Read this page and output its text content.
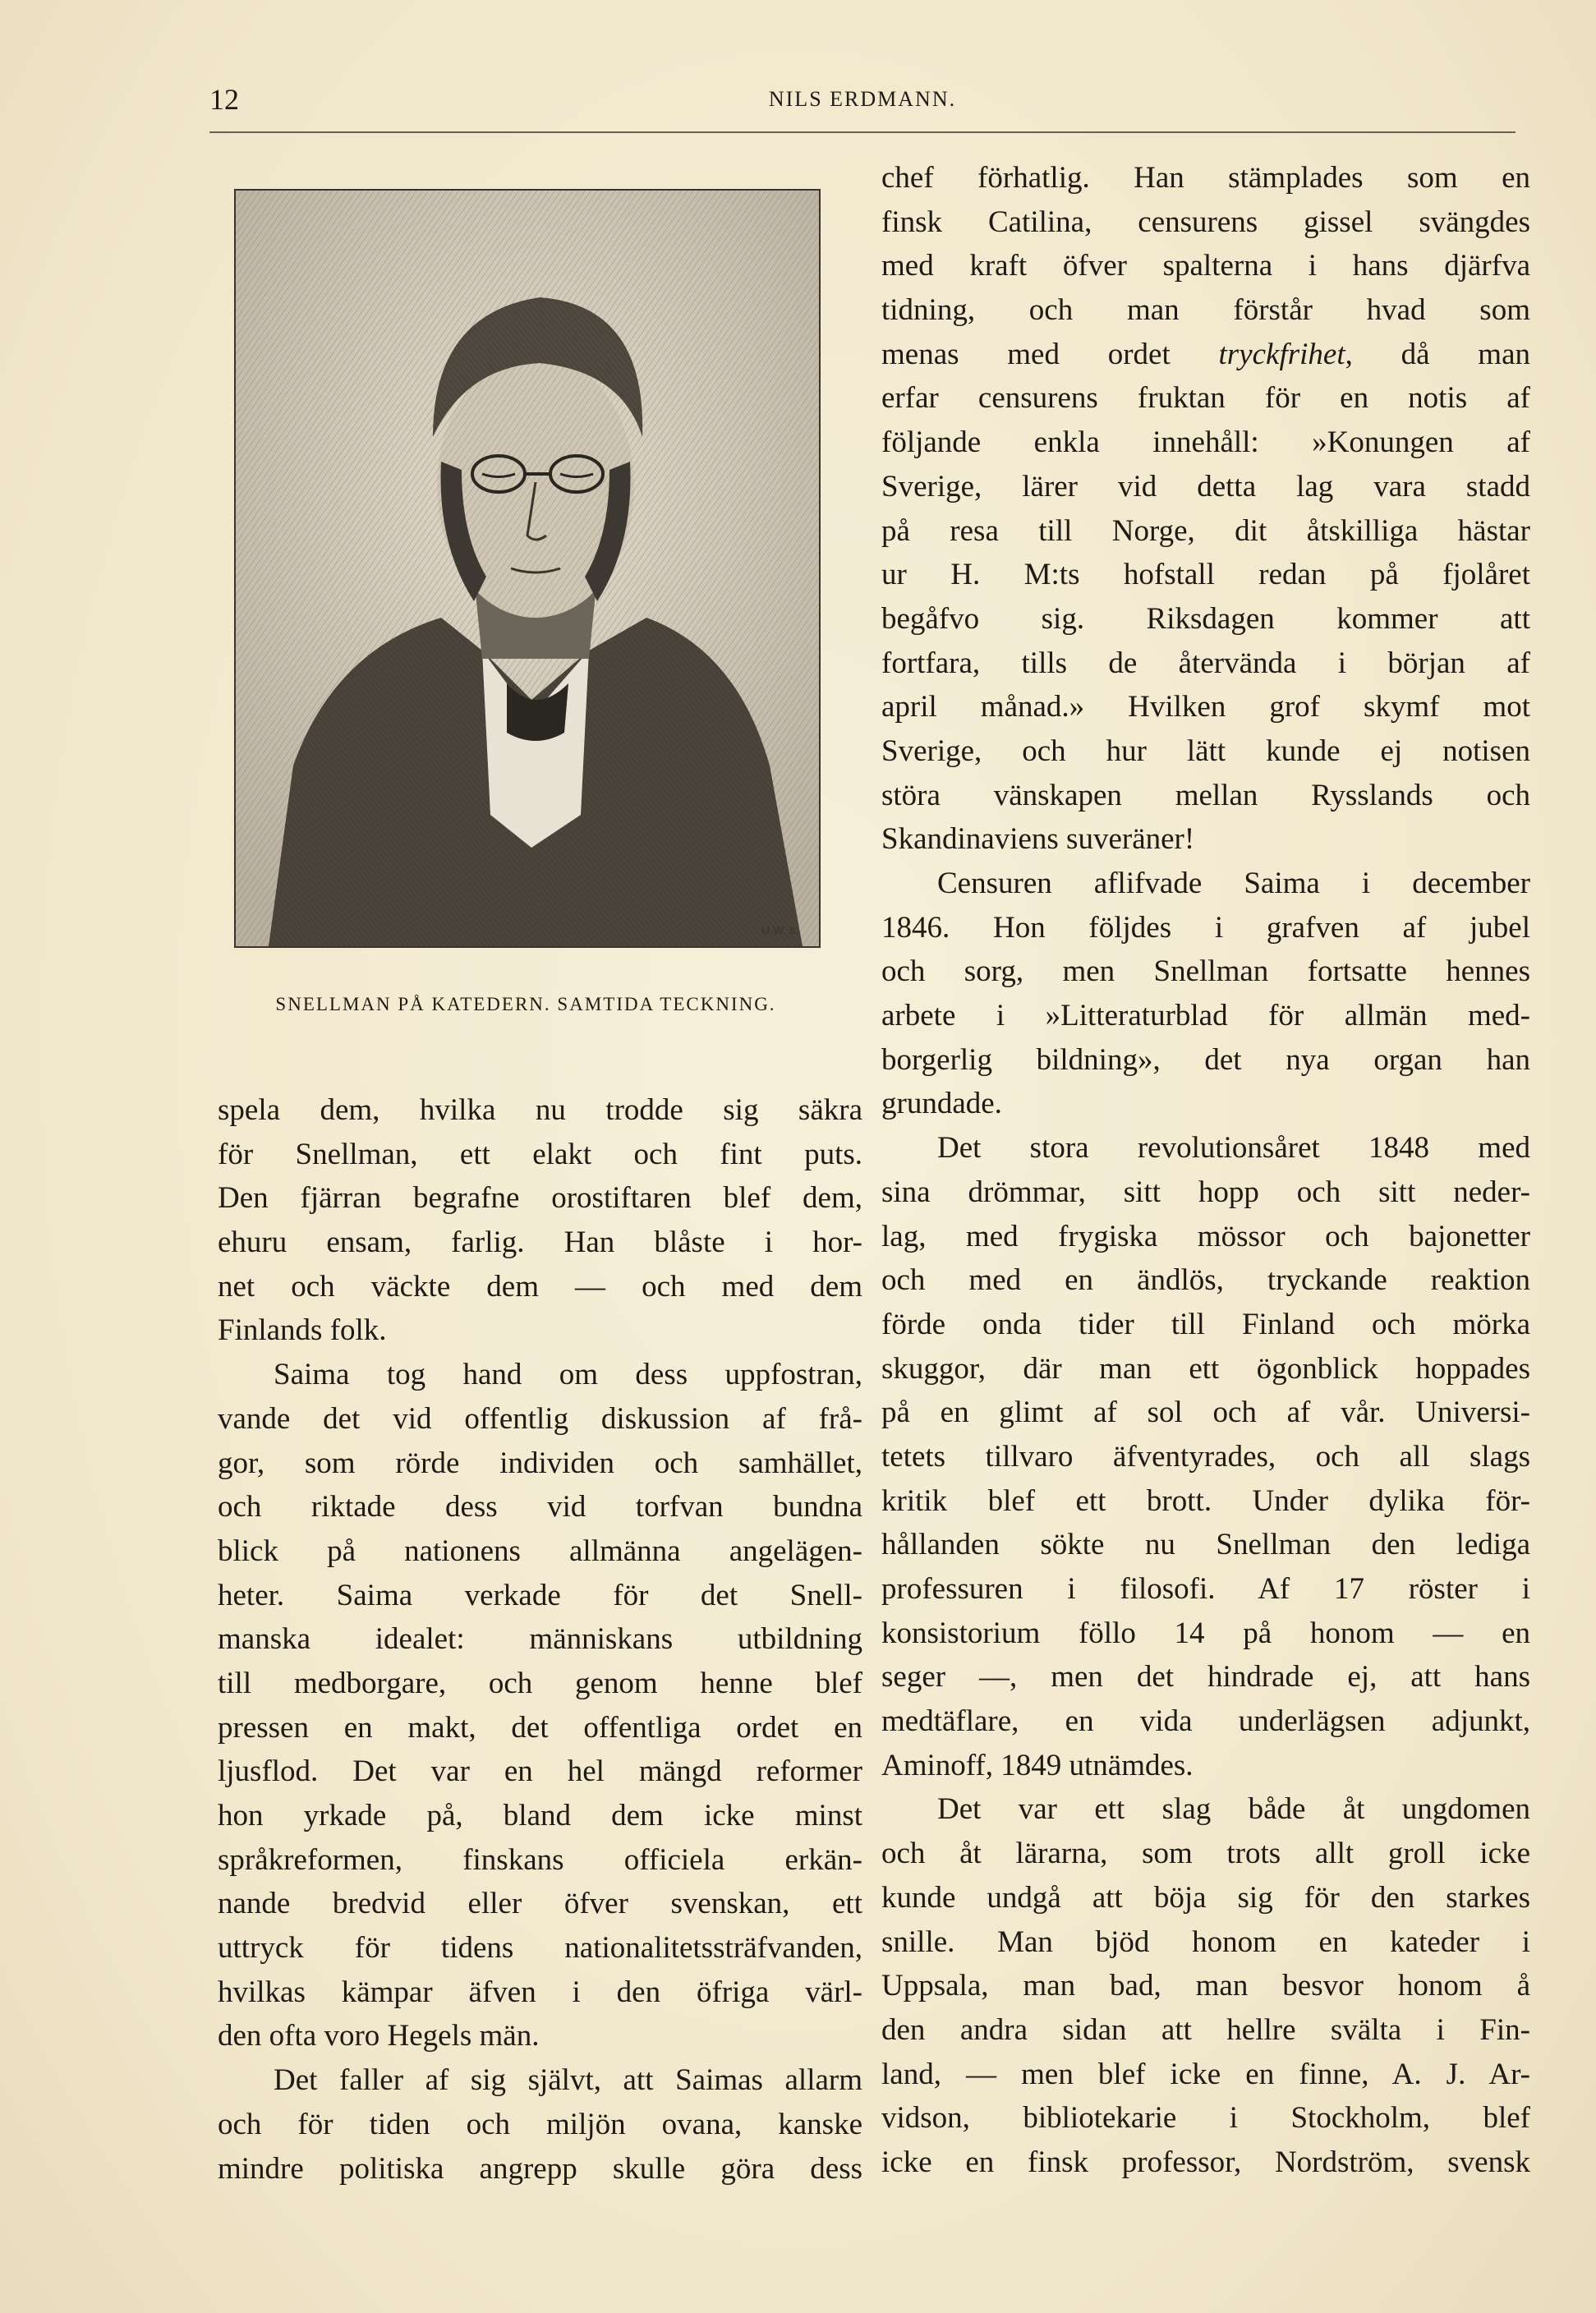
12	NILS ERDMANN.
U.W. s.
SNELLMAN PÅ KATEDERN. SAMTIDA TECKNING.
spela dem, hvilka nu trodde sig säkra
för Snellman, ett elakt och fint puts.
Den fjärran begrafne orostiftaren blef dem,
ehuru ensam, farlig. Han blåste i hor-
net och väckte dem — och med dem
Finlands folk.
Saima tog hand om dess uppfostran,
vande det vid offentlig diskussion af frå-
gor, som rörde individen och samhället,
och riktade dess vid torfvan bundna
blick på nationens allmänna angelägen-
heter. Saima verkade för det Snell-
manska idealet: människans utbildning
till medborgare, och genom henne blef
pressen en makt, det offentliga ordet en
ljusflod. Det var en hel mängd reformer
hon yrkade på, bland dem icke minst
språkreformen, finskans officiela erkän-
nande bredvid eller öfver svenskan, ett
uttryck för tidens nationalitetssträfvanden,
hvilkas kämpar äfven i den öfriga värl-
den ofta voro Hegels män.
Det faller af sig självt, att Saimas allarm
och för tiden och miljön ovana, kanske
mindre politiska angrepp skulle göra dess
chef förhatlig. Han stämplades som en
finsk Catilina, censurens gissel svängdes
med kraft öfver spalterna i hans djärfva
tidning, och man förstår hvad som
menas med ordet tryckfrihet, då man
erfar censurens fruktan för en notis af
följande enkla innehåll: »Konungen af
Sverige, lärer vid detta lag vara stadd
på resa till Norge, dit åtskilliga hästar
ur H. M:ts hofstall redan på fjolåret
begåfvo sig. Riksdagen kommer att
fortfara, tills de återvända i början af
april månad.» Hvilken grof skymf mot
Sverige, och hur lätt kunde ej notisen
störa vänskapen mellan Rysslands och
Skandinaviens suveräner!
Censuren aflifvade Saima i december
1846. Hon följdes i grafven af jubel
och sorg, men Snellman fortsatte hennes
arbete i »Litteraturblad för allmän med-
borgerlig bildning», det nya organ han
grundade.
Det stora revolutionsåret 1848 med
sina drömmar, sitt hopp och sitt neder-
lag, med frygiska mössor och bajonetter
och med en ändlös, tryckande reaktion
förde onda tider till Finland och mörka
skuggor, där man ett ögonblick hoppades
på en glimt af sol och af vår. Universi-
tetets tillvaro äfventyrades, och all slags
kritik blef ett brott. Under dylika för-
hållanden sökte nu Snellman den lediga
professuren i filosofi. Af 17 röster i
konsistorium föllo 14 på honom — en
seger —, men det hindrade ej, att hans
medtäflare, en vida underlägsen adjunkt,
Aminoff, 1849 utnämdes.
Det var ett slag både åt ungdomen
och åt lärarna, som trots allt groll icke
kunde undgå att böja sig för den starkes
snille. Man bjöd honom en kateder i
Uppsala, man bad, man besvor honom å
den andra sidan att hellre svälta i Fin-
land, — men blef icke en finne, A. J. Ar-
vidson, bibliotekarie i Stockholm, blef
icke en finsk professor, Nordström, svensk
